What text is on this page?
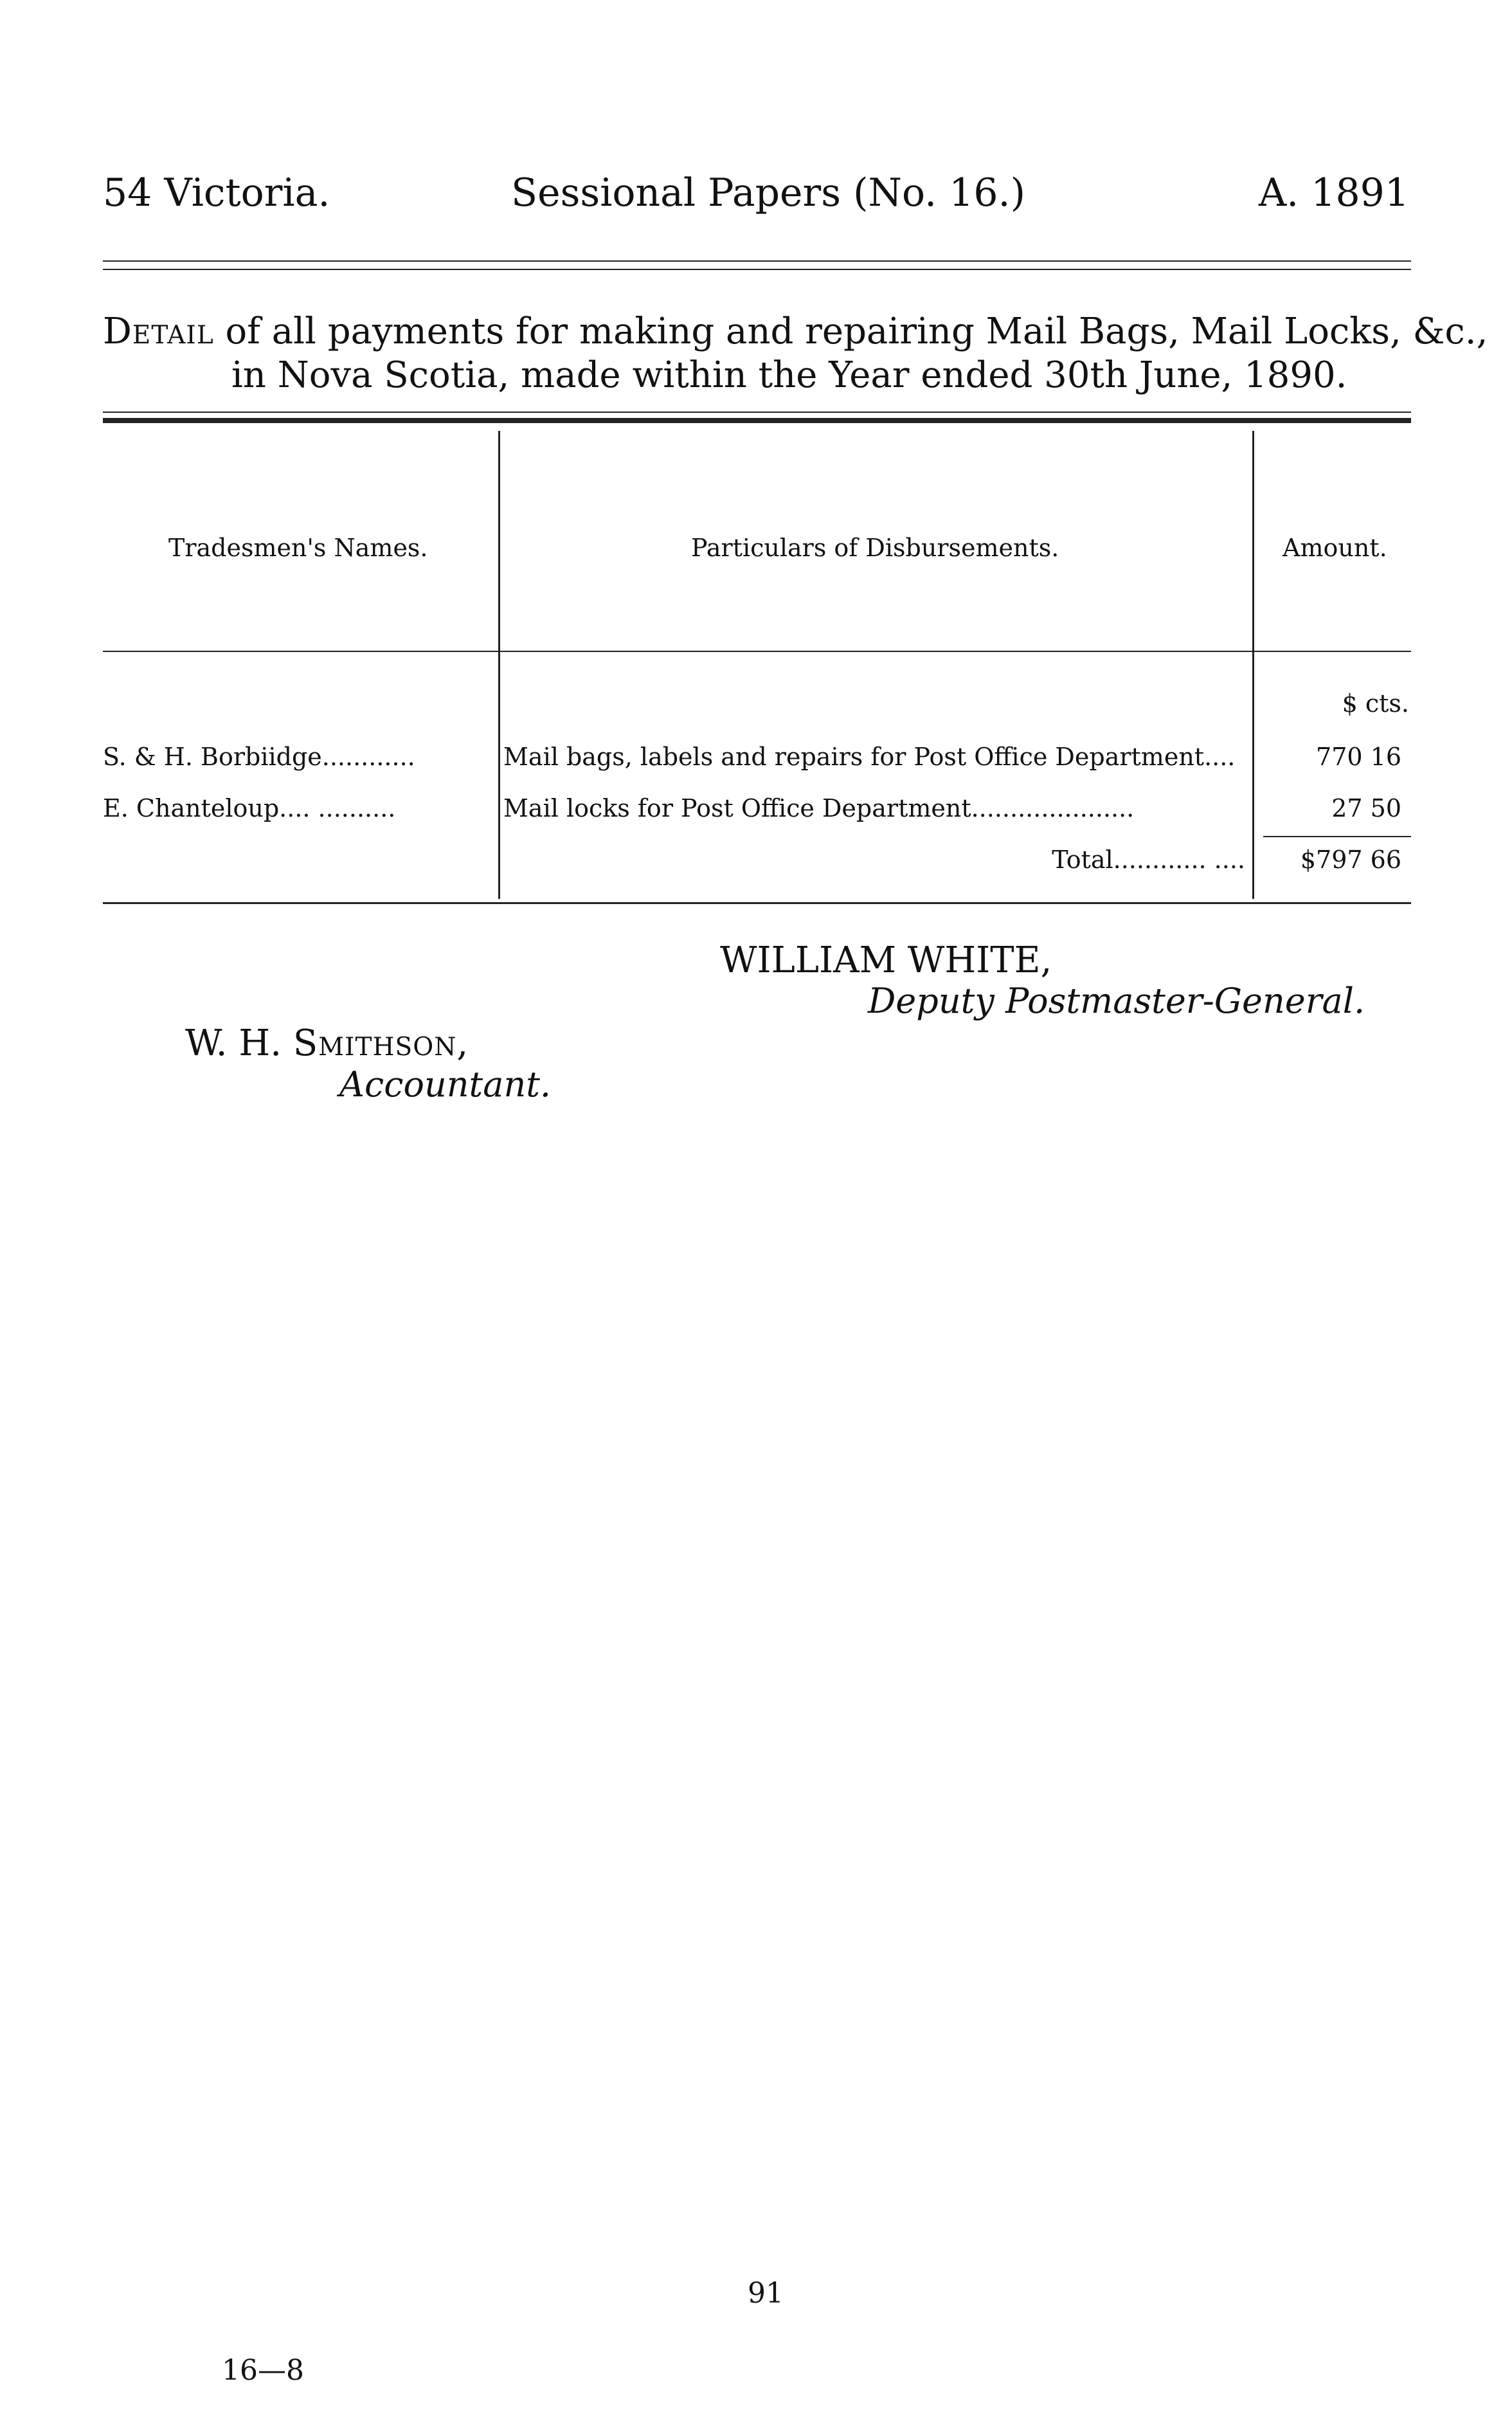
54 Victoria.	Sessional Papers (No. 16.)	A. 1891
Detail of all payments for making and repairing Mail Bags, Mail Locks, &c.,
in Nova Scotia, made within the Year ended 30th June, 1890.
Tradesmen's Names.	Particulars of Disbursements.	Amount.
$ cts.
S. & H. Borbiidge............	Mail bags, labels and repairs for Post Office Department....	770 16
E. Chanteloup.... ..........	Mail locks for Post Office Department.....................	27 50
Total............ .... $797 66
WILLIAM WHITE,
Deputy Postmaster-General.
W. H. Smithson,
Accountant.
91
16—8
